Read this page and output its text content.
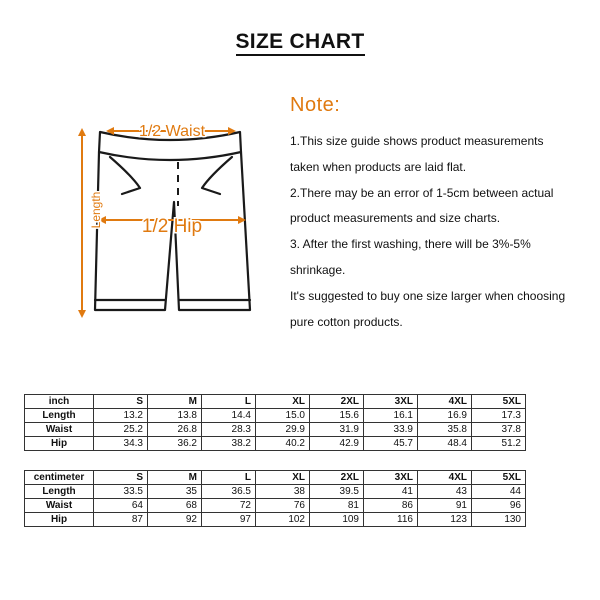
SIZE CHART
1/2 Waist
1/2 Hip
Length
Note:
1.This size guide shows product measurements
taken when products are laid flat.
2.There may be an error of 1-5cm between actual
product measurements and size charts.
3. After the first washing, there will be 3%-5%
shrinkage.
It's suggested to buy one size larger when choosing
pure cotton products.
inch	S	M	L	XL	2XL	3XL	4XL	5XL
Length	13.2	13.8	14.4	15.0	15.6	16.1	16.9	17.3
Waist	25.2	26.8	28.3	29.9	31.9	33.9	35.8	37.8
Hip	34.3	36.2	38.2	40.2	42.9	45.7	48.4	51.2
centimeter	S	M	L	XL	2XL	3XL	4XL	5XL
Length	33.5	35	36.5	38	39.5	41	43	44
Waist	64	68	72	76	81	86	91	96
Hip	87	92	97	102	109	116	123	130
